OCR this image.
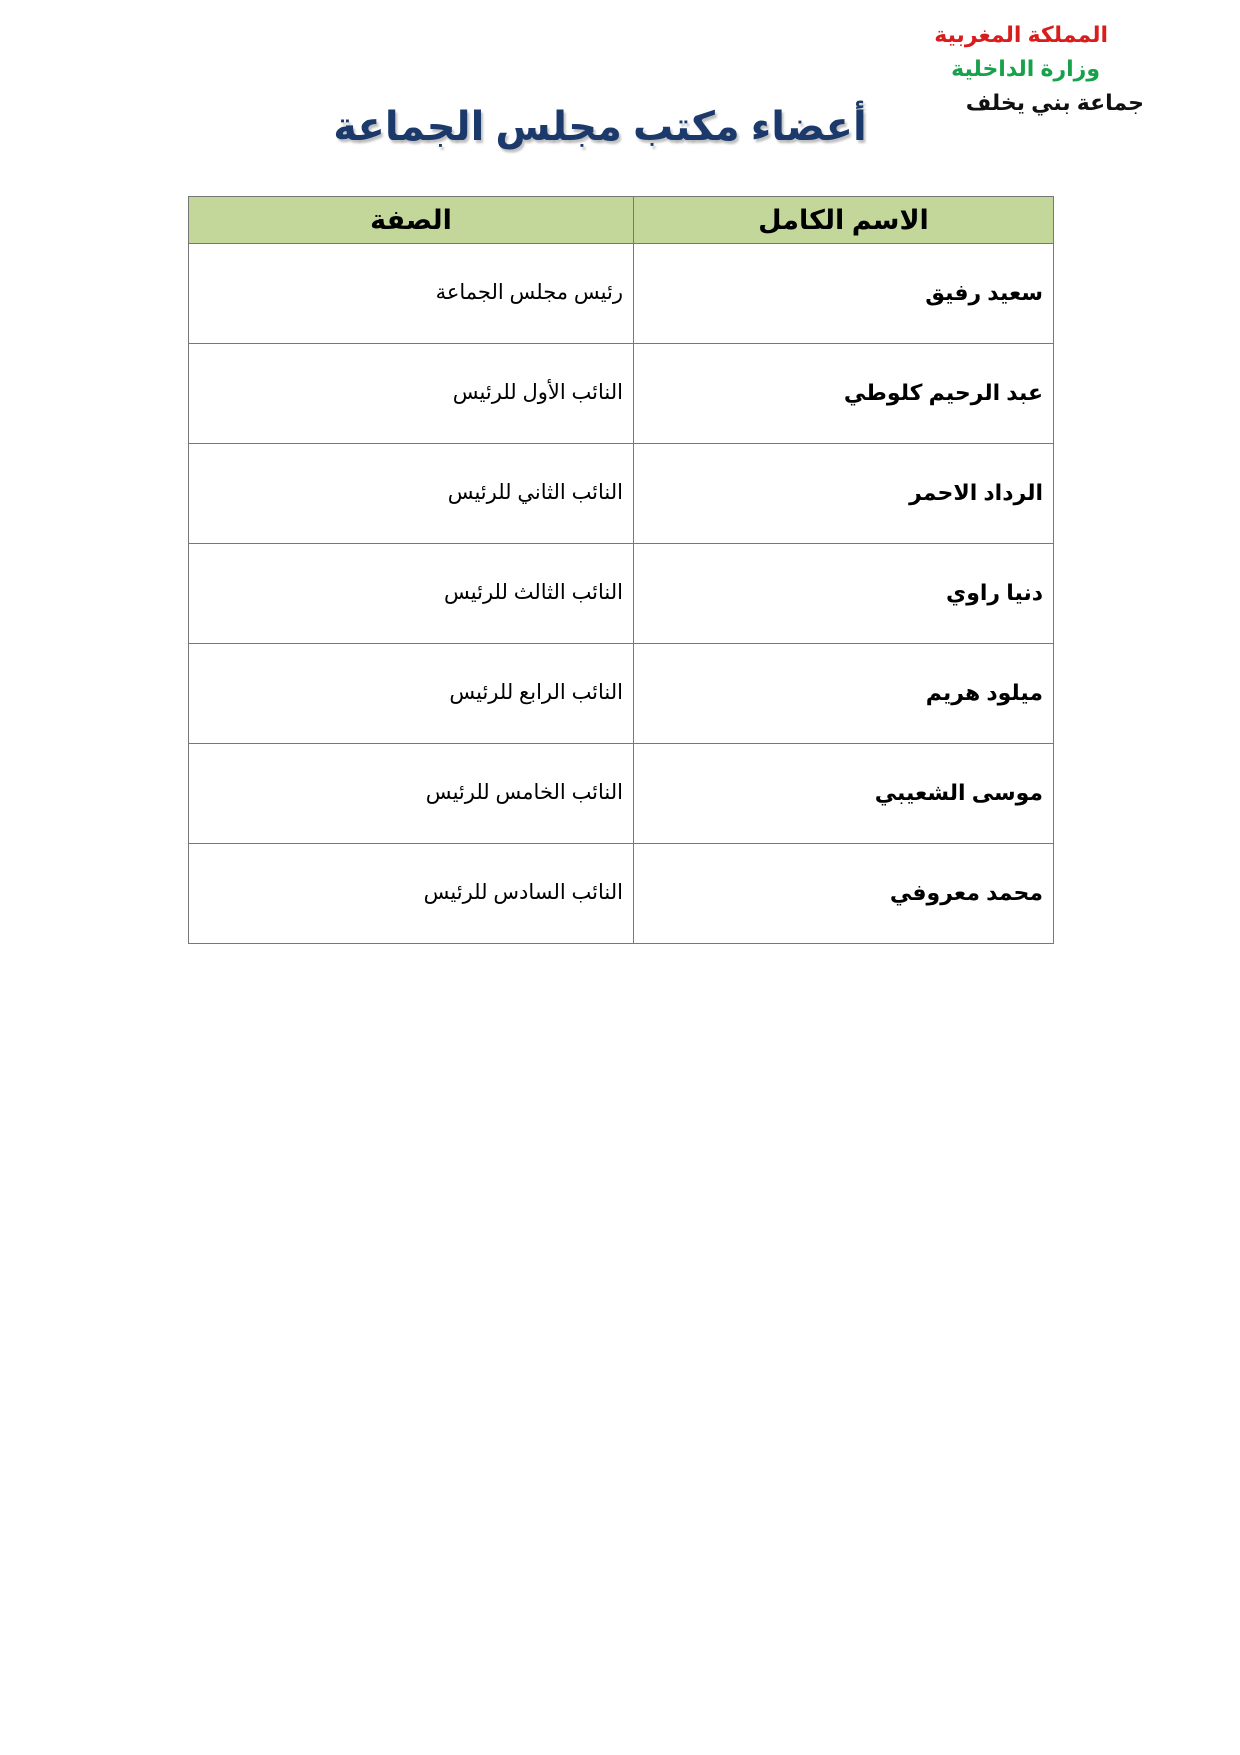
المملكة المغربية
وزارة الداخلية
جماعة بني يخلف
أعضاء مكتب مجلس الجماعة
الاسم الكامل	الصفة
سعيد رفيق	رئيس مجلس الجماعة
عبد الرحيم كلوطي	النائب الأول للرئيس
الرداد الاحمر	النائب الثاني للرئيس
دنيا راوي	النائب الثالث للرئيس
ميلود هريم	النائب الرابع للرئيس
موسى الشعيبي	النائب الخامس للرئيس
محمد معروفي	النائب السادس للرئيس
